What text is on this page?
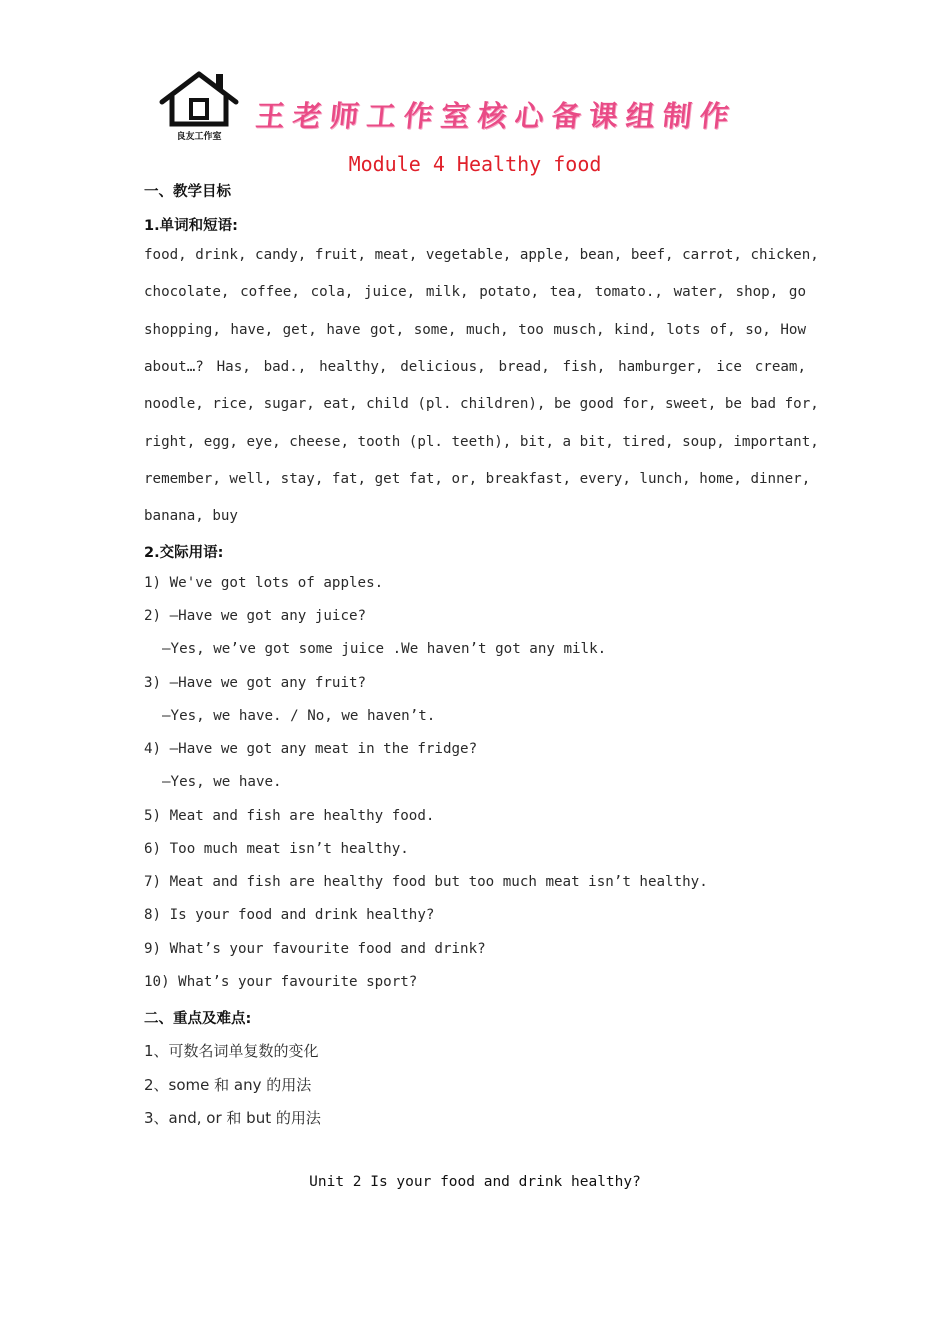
良友工作室
王老师工作室核心备课组制作
Module 4 Healthy food
一、教学目标
1.单词和短语:
food, drink, candy, fruit, meat, vegetable, apple, bean, beef, carrot, chicken,
chocolate, coffee, cola, juice, milk, potato, tea, tomato., water, shop, go
shopping, have, get, have got, some, much, too musch, kind, lots of, so, How
about…? Has, bad., healthy, delicious, bread, fish, hamburger, ice cream,
noodle, rice, sugar, eat, child (pl. children), be good for, sweet, be bad for,
right, egg, eye, cheese, tooth (pl. teeth), bit, a bit, tired, soup, important,
remember, well, stay, fat, get fat, or, breakfast, every, lunch, home, dinner,
banana, buy
2.交际用语:
1) We've got lots of apples.
2) —Have we got any juice?
—Yes, we’ve got some juice .We haven’t got any milk.
3) —Have we got any fruit?
—Yes, we have. / No, we haven’t.
4) —Have we got any meat in the fridge?
—Yes, we have.
5) Meat and fish are healthy food.
6) Too much meat isn’t healthy.
7) Meat and fish are healthy food but too much meat isn’t healthy.
8) Is your food and drink healthy?
9) What’s your favourite food and drink?
10) What’s your favourite sport?
二、重点及难点:
1、可数名词单复数的变化
2、some 和 any 的用法
3、and, or 和 but 的用法
Unit 2 Is your food and drink healthy?
